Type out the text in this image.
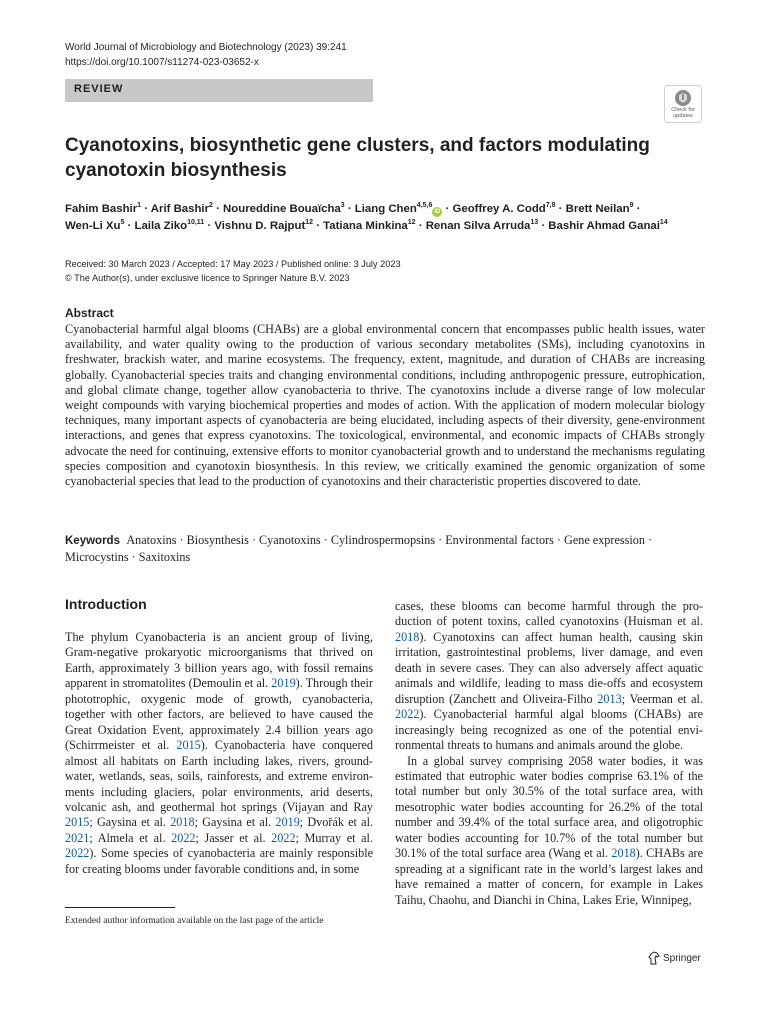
World Journal of Microbiology and Biotechnology (2023) 39:241
https://doi.org/10.1007/s11274-023-03652-x
REVIEW
Check for
updates
Cyanotoxins, biosynthetic gene clusters, and factors modulating
cyanotoxin biosynthesis
Fahim Bashir$^1$ · Arif Bashir$^2$ · Noureddine Bouaïcha$^3$ · Liang Chen$^{4,5,6}$iD · Geoffrey A. Codd$^{7,8}$ · Brett Neilan$^9$ ·
Wen-Li $Xu^5$ · Laila Ziko$^{10,11}$ · Vishnu D. Rajput$^{12}$ · Tatiana Minkina$^{12}$ · Renan Silva Arruda$^{13}$ · Bashir Ahmad Ganai$^{14}$
Received: 30 March 2023 / Accepted: 17 May 2023 / Published online: 3 July 2023
© The Author(s), under exclusive licence to Springer Nature B.V. 2023
Abstract
Cyanobacterial harmful algal blooms (CHABs) are a global environmental concern that encompasses public health issues, water availability, and water quality owing to the production of various secondary metabolites (SMs), including cyanotoxins in freshwater, brackish water, and marine ecosystems. The frequency, extent, magnitude, and duration of CHABs are increasing globally. Cyanobacterial species traits and changing environmental conditions, including anthropogenic pressure, eutrophication, and global climate change, together allow cyanobacteria to thrive. The cyanotoxins include a diverse range of low molecular weight compounds with varying biochemical properties and modes of action. With the application of modern molecular biology techniques, many important aspects of cyanobacteria are being elucidated, including aspects of their diversity, gene-environment interactions, and genes that express cyanotoxins. The toxicological, environmental, and economic impacts of CHABs strongly advocate the need for continuing, extensive efforts to monitor cyanobacterial growth and to understand the mechanisms regulating species composition and cyanotoxin biosynthesis. In this review, we critically examined the genomic organization of some cyanobacterial species that lead to the production of cyanotoxins and their characteristic properties discovered to date.
Keywords Anatoxins · Biosynthesis · Cyanotoxins · Cylindrospermopsins · Environmental factors · Gene expression · Microcystins · Saxitoxins
Introduction

The phylum Cyanobacteria is an ancient group of living, Gram-negative prokaryotic microorganisms that thrived on Earth, approximately 3 billion years ago, with fossil remains apparent in stromatolites (Demoulin et al. 2019). Through their phototrophic, oxygenic mode of growth, cyanobacteria, together with other factors, are believed to have caused the Great Oxidation Event, approximately 2.4 billion years ago (Schirrmeister et al. 2015). Cyanobacteria have conquered almost all habitats on Earth including lakes, rivers, ground-water, wetlands, seas, soils, rainforests, and extreme environ-ments including glaciers, polar environments, arid deserts, volcanic ash, and geothermal hot springs (Vijayan and Ray 2015; Gaysina et al. 2018; Gaysina et al. 2019; Dvořák et al. 2021; Almela et al. 2022; Jasser et al. 2022; Murray et al. 2022). Some species of cyanobacteria are mainly responsible for creating blooms under favorable conditions and, in some

cases, these blooms can become harmful through the pro-duction of potent toxins, called cyanotoxins (Huisman et al. 2018). Cyanotoxins can affect human health, causing skin irritation, gastrointestinal problems, liver damage, and even death in severe cases. They can also adversely affect aquatic animals and wildlife, leading to mass die-offs and ecosystem disruption (Zanchett and Oliveira-Filho 2013; Veerman et al. 2022). Cyanobacterial harmful algal blooms (CHABs) are increasingly being recognized as one of the potential envi-ronmental threats to humans and animals around the globe.

In a global survey comprising 2058 water bodies, it was estimated that eutrophic water bodies comprise 63.1% of the total number but only 30.5% of the total surface area, with mesotrophic water bodies accounting for 26.2% of the total number and 39.4% of the total surface area, and oligotrophic water bodies accounting for 10.7% of the total number but 30.1% of the total surface area (Wang et al. 2018). CHABs are spreading at a significant rate in the world’s largest lakes and have remained a matter of concern, for example in Lakes Taihu, Chaohu, and Dianchi in China, Lakes Erie, Winnipeg,

Extended author information available on the last page of the article
Springer
